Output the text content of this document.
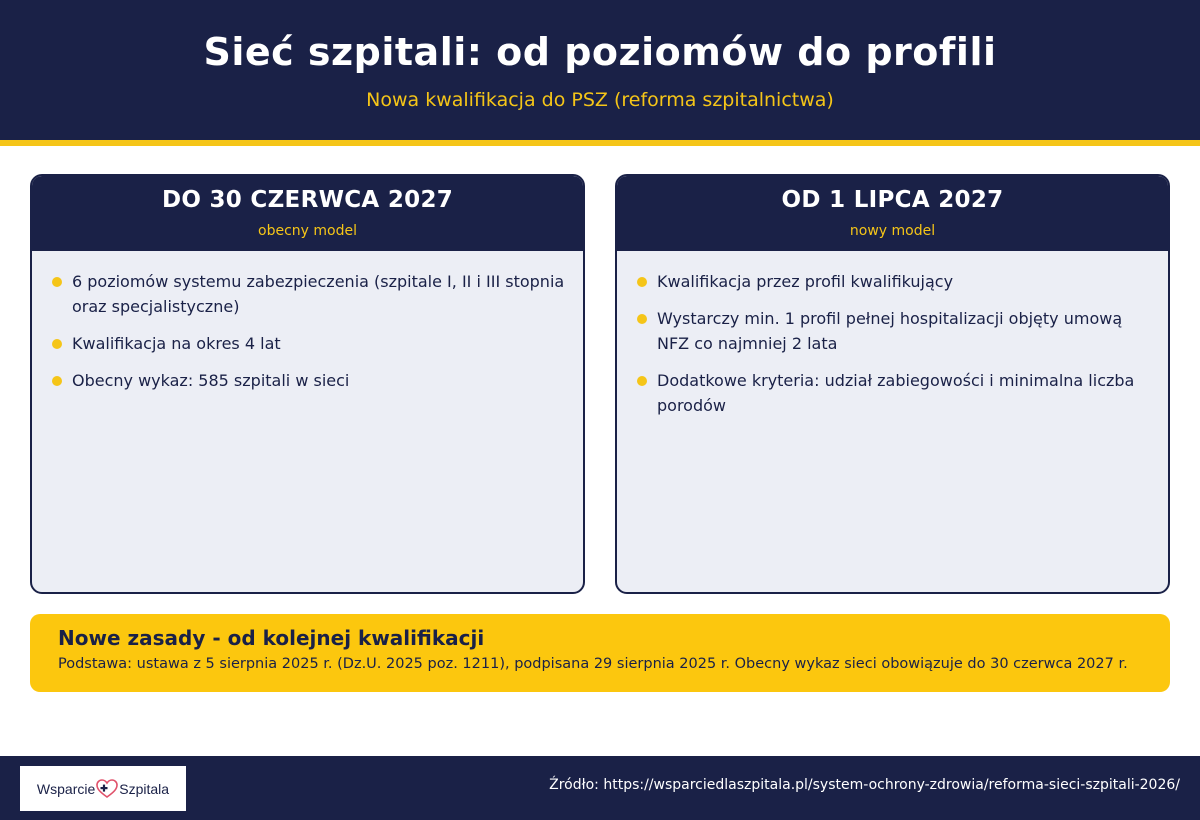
Sieć szpitali: od poziomów do profili
Nowa kwalifikacja do PSZ (reforma szpitalnictwa)
DO 30 CZERWCA 2027
obecny model
6 poziomów systemu zabezpieczenia (szpitale I, II i III stopnia oraz specjalistyczne)
Kwalifikacja na okres 4 lat
Obecny wykaz: 585 szpitali w sieci
OD 1 LIPCA 2027
nowy model
Kwalifikacja przez profil kwalifikujący
Wystarczy min. 1 profil pełnej hospitalizacji objęty umową NFZ co najmniej 2 lata
Dodatkowe kryteria: udział zabiegowości i minimalna liczba porodów
Nowe zasady - od kolejnej kwalifikacji
Podstawa: ustawa z 5 sierpnia 2025 r. (Dz.U. 2025 poz. 1211), podpisana 29 sierpnia 2025 r. Obecny wykaz sieci obowiązuje do 30 czerwca 2027 r.
Wsparcie Szpitala	Źródło: https://wsparciedlaszpitala.pl/system-ochrony-zdrowia/reforma-sieci-szpitali-2026/
